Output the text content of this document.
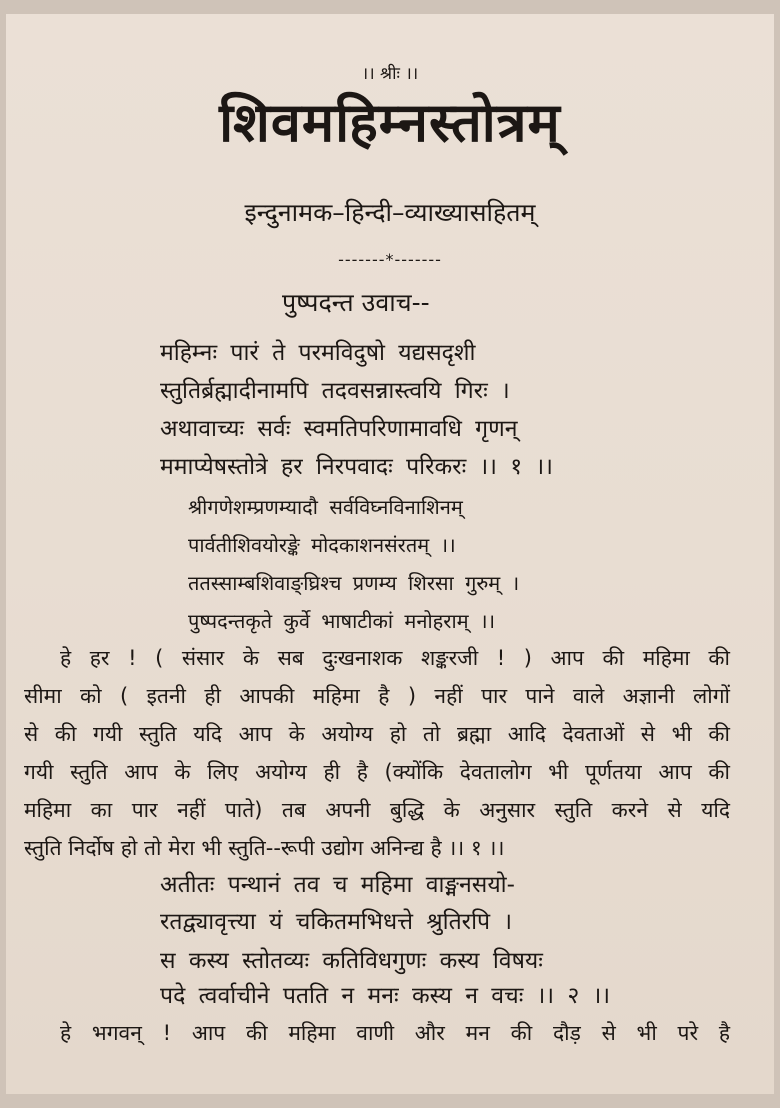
।। श्रीः ।।
शिवमहिम्नस्तोत्रम्
इन्दुनामक–हिन्दी–व्याख्यासहितम्
-------*-------
पुष्पदन्त उवाच--
महिम्नः पारं ते परमविदुषो यद्यसदृशी
स्तुतिर्ब्रह्मादीनामपि तदवसन्नास्त्वयि गिरः ।
अथावाच्यः सर्वः स्वमतिपरिणामावधि गृणन्
ममाप्येषस्तोत्रे हर निरपवादः परिकरः ।। १ ।।
श्रीगणेशम्प्रणम्यादौ सर्वविघ्नविनाशिनम्
पार्वतीशिवयोरङ्के मोदकाशनसंरतम् ।।
ततस्साम्बशिवाङ्घ्रिश्च प्रणम्य शिरसा गुरुम् ।
पुष्पदन्तकृते कुर्वे भाषाटीकां मनोहराम् ।।
हे हर ! ( संसार के सब दुःखनाशक शङ्करजी ! ) आप की महिमा की
सीमा को ( इतनी ही आपकी महिमा है ) नहीं पार पाने वाले अज्ञानी लोगों
से की गयी स्तुति यदि आप के अयोग्य हो तो ब्रह्मा आदि देवताओं से भी की
गयी स्तुति आप के लिए अयोग्य ही है (क्योंकि देवतालोग भी पूर्णतया आप की
महिमा का पार नहीं पाते) तब अपनी बुद्धि के अनुसार स्तुति करने से यदि
स्तुति निर्दोष हो तो मेरा भी स्तुति--रूपी उद्योग अनिन्द्य है ।। १ ।।
अतीतः पन्थानं तव च महिमा वाङ्मनसयो-
रतद्व्यावृत्त्या यं चकितमभिधत्ते श्रुतिरपि ।
स कस्य स्तोतव्यः कतिविधगुणः कस्य विषयः
पदे त्वर्वाचीने पतति न मनः कस्य न वचः ।। २ ।।
हे भगवन् ! आप की महिमा वाणी और मन की दौड़ से भी परे है
